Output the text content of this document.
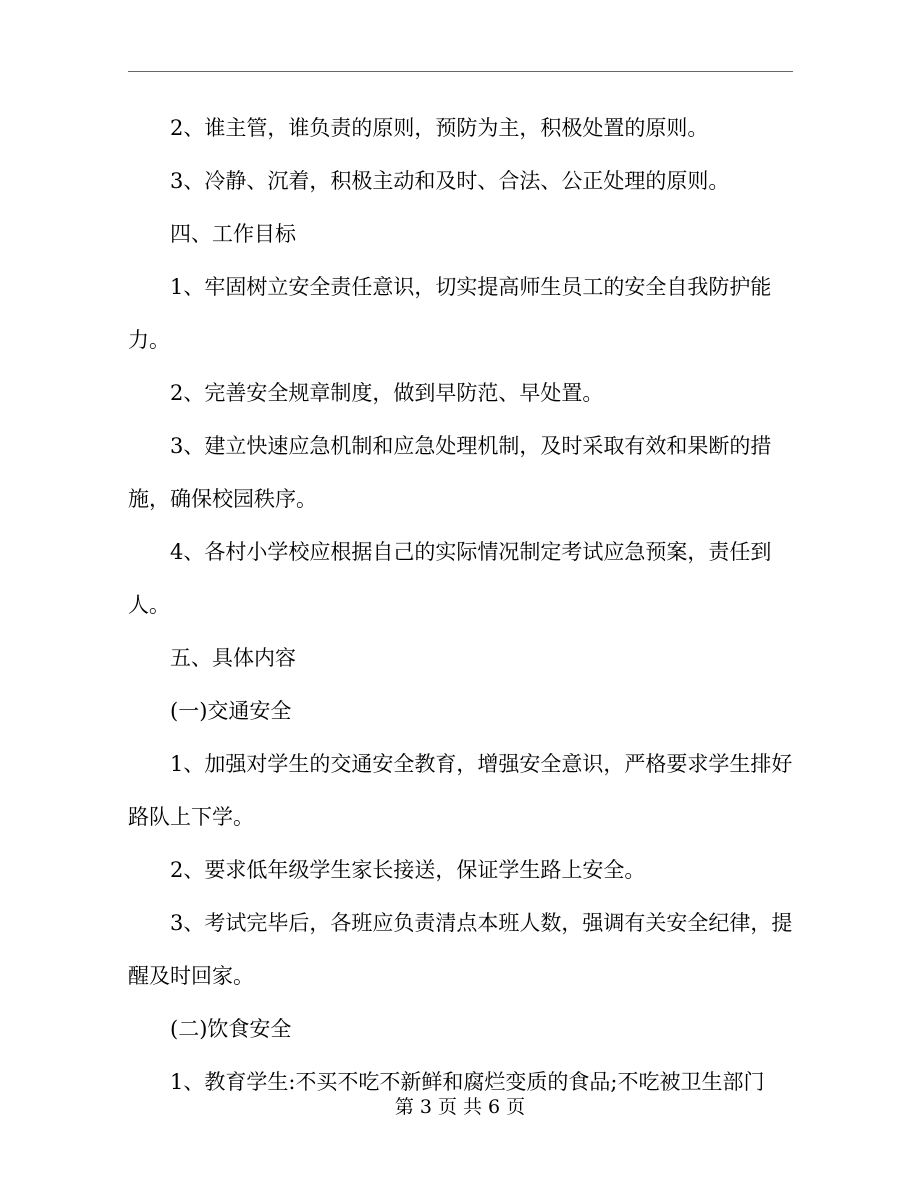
2、谁主管，谁负责的原则，预防为主，积极处置的原则。

3、冷静、沉着，积极主动和及时、合法、公正处理的原则。

四、工作目标

1、牢固树立安全责任意识，切实提高师生员工的安全自我防护能力。

2、完善安全规章制度，做到早防范、早处置。

3、建立快速应急机制和应急处理机制，及时采取有效和果断的措施，确保校园秩序。

4、各村小学校应根据自己的实际情况制定考试应急预案，责任到人。

五、具体内容

(一)交通安全

1、加强对学生的交通安全教育，增强安全意识，严格要求学生排好路队上下学。

2、要求低年级学生家长接送，保证学生路上安全。

3、考试完毕后，各班应负责清点本班人数，强调有关安全纪律，提醒及时回家。

(二)饮食安全

1、教育学生:不买不吃不新鲜和腐烂变质的食品;不吃被卫生部门

第 3 页 共 6 页
